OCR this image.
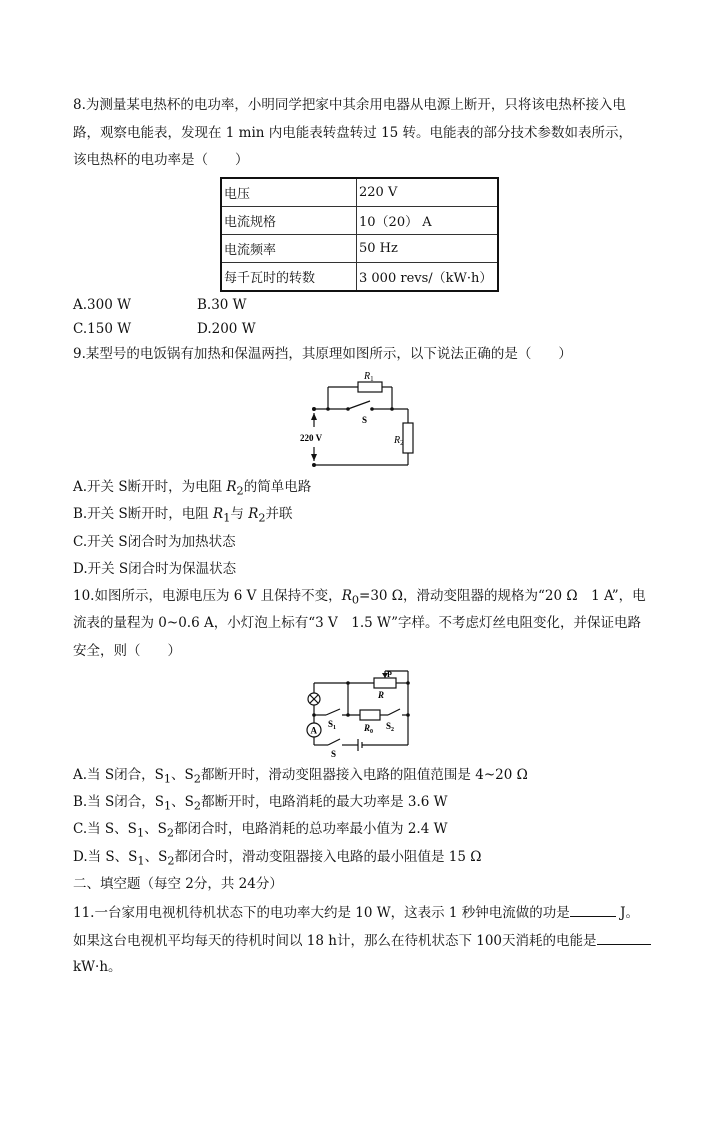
8.为测量某电热杯的电功率，小明同学把家中其余用电器从电源上断开，只将该电热杯接入电
路，观察电能表，发现在 1 min 内电能表转盘转过 15 转。电能表的部分技术参数如表所示，
该电热杯的电功率是（　　）
电压	220 V
电流规格	10（20） A
电流频率	50 Hz
每千瓦时的转数	3 000 revs/（kW·h）
A.300 W	B.30 W
C.150 W	D.200 W
9.某型号的电饭锅有加热和保温两挡，其原理如图所示，以下说法正确的是（　　）
$R_1$
S
$R_2$
220 V
A.开关 S断开时，为电阻 $R_2$的简单电路
B.开关 S断开时，电阻 $R_1$与 $R_2$并联
C.开关 S闭合时为加热状态
D.开关 S闭合时为保温状态
10.如图所示，电源电压为 6 V 且保持不变，$R_0=30$ Ω，滑动变阻器的规格为“20 Ω　1 A”，电
流表的量程为 0~0.6 A，小灯泡上标有“3 V　1.5 W”字样。不考虑灯丝电阻变化，并保证电路
安全，则（　　）
A
P
R
$S_1$	$R_0$
$S_2$
S
A.当 S闭合，$S_1$、$S_2$都断开时，滑动变阻器接入电路的阻值范围是 4~20 Ω
B.当 S闭合，$S_1$、$S_2$都断开时，电路消耗的最大功率是 3.6 W
C.当 S、$S_1$、$S_2$都闭合时，电路消耗的总功率最小值为 2.4 W
D.当 S、$S_1$、$S_2$都闭合时，滑动变阻器接入电路的最小阻值是 15 Ω
二、填空题（每空 2分，共 24分）
11.一台家用电视机待机状态下的电功率大约是 10 W，这表示 1 秒钟电流做的功是	J。
如果这台电视机平均每天的待机时间以 18 h计，那么在待机状态下 100天消耗的电能是
kW·h。
